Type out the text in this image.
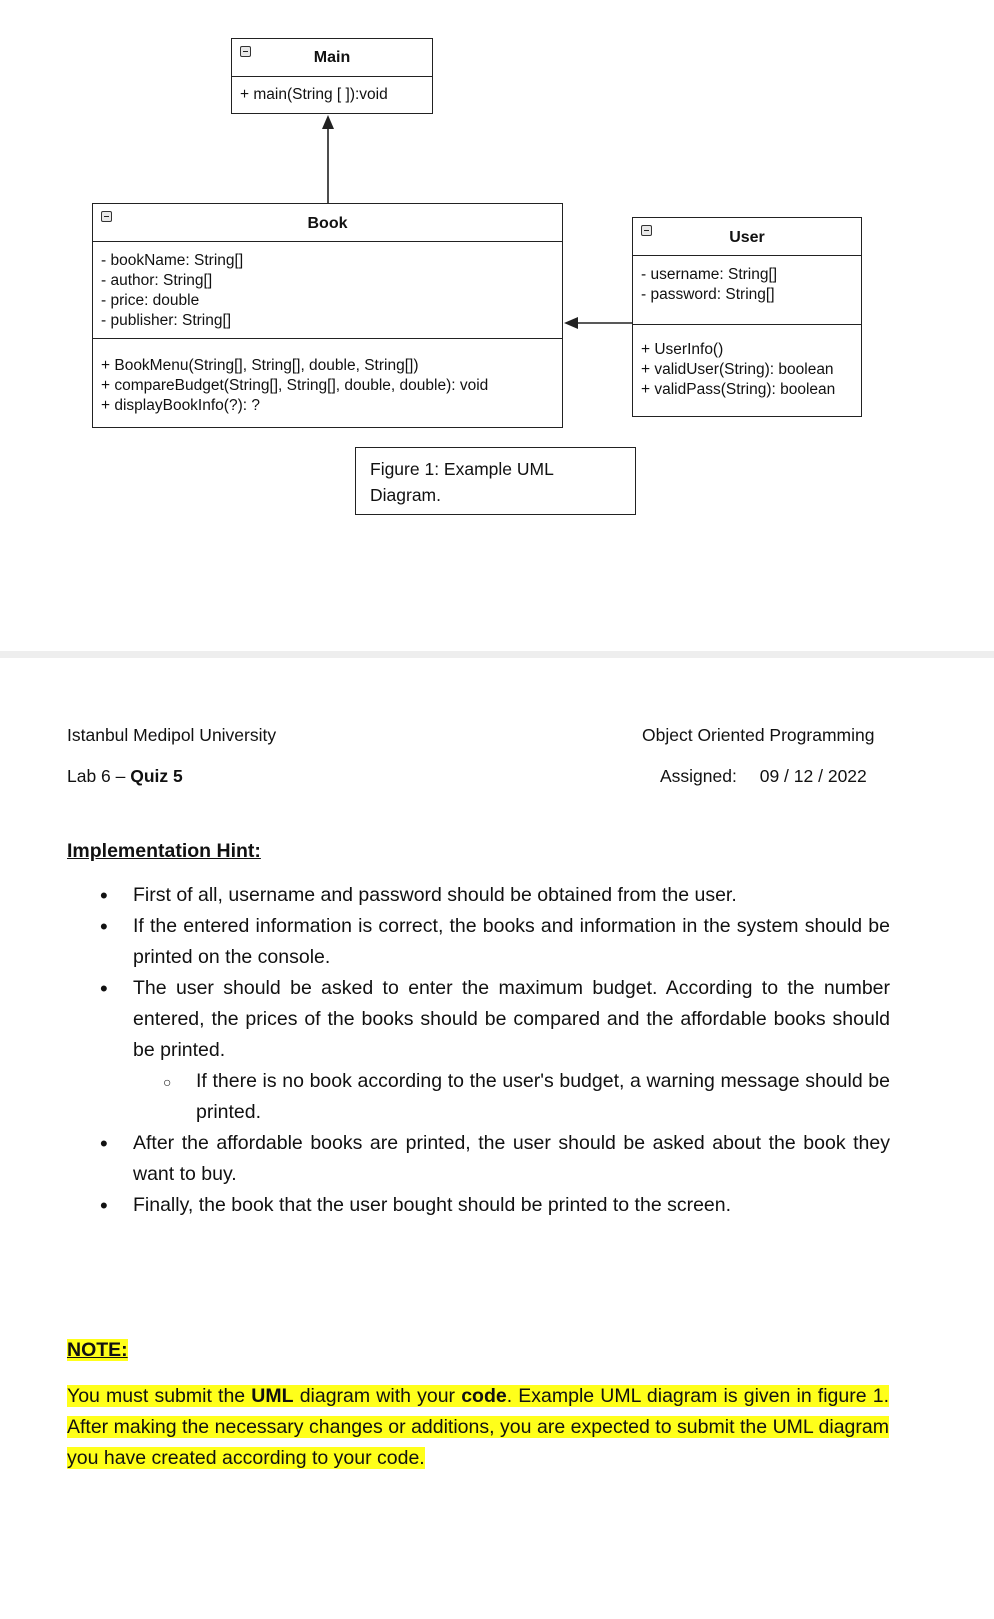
Main
+ main(String [ ]):void
Book
- bookName: String[]
- author: String[]
- price: double
- publisher: String[]
+ BookMenu(String[], String[], double, String[])
+ compareBudget(String[], String[], double, double): void
+ displayBookInfo(?): ?
User
- username: String[]
- password: String[]
+ UserInfo()
+ validUser(String): boolean
+ validPass(String): boolean
Figure 1: Example UML
Diagram.
Istanbul Medipol University	Object Oriented Programming
Lab 6 – Quiz 5	Assigned: 09 / 12 / 2022
Implementation Hint:
• First of all, username and password should be obtained from the user.
• If the entered information is correct, the books and information in the system should be printed on the console.
• The user should be asked to enter the maximum budget. According to the number entered, the prices of the books should be compared and the affordable books should be printed.
○ If there is no book according to the user's budget, a warning message should be printed.
• After the affordable books are printed, the user should be asked about the book they want to buy.
• Finally, the book that the user bought should be printed to the screen.
NOTE:
You must submit the UML diagram with your code. Example UML diagram is given in figure 1. After making the necessary changes or additions, you are expected to submit the UML diagram you have created according to your code.
